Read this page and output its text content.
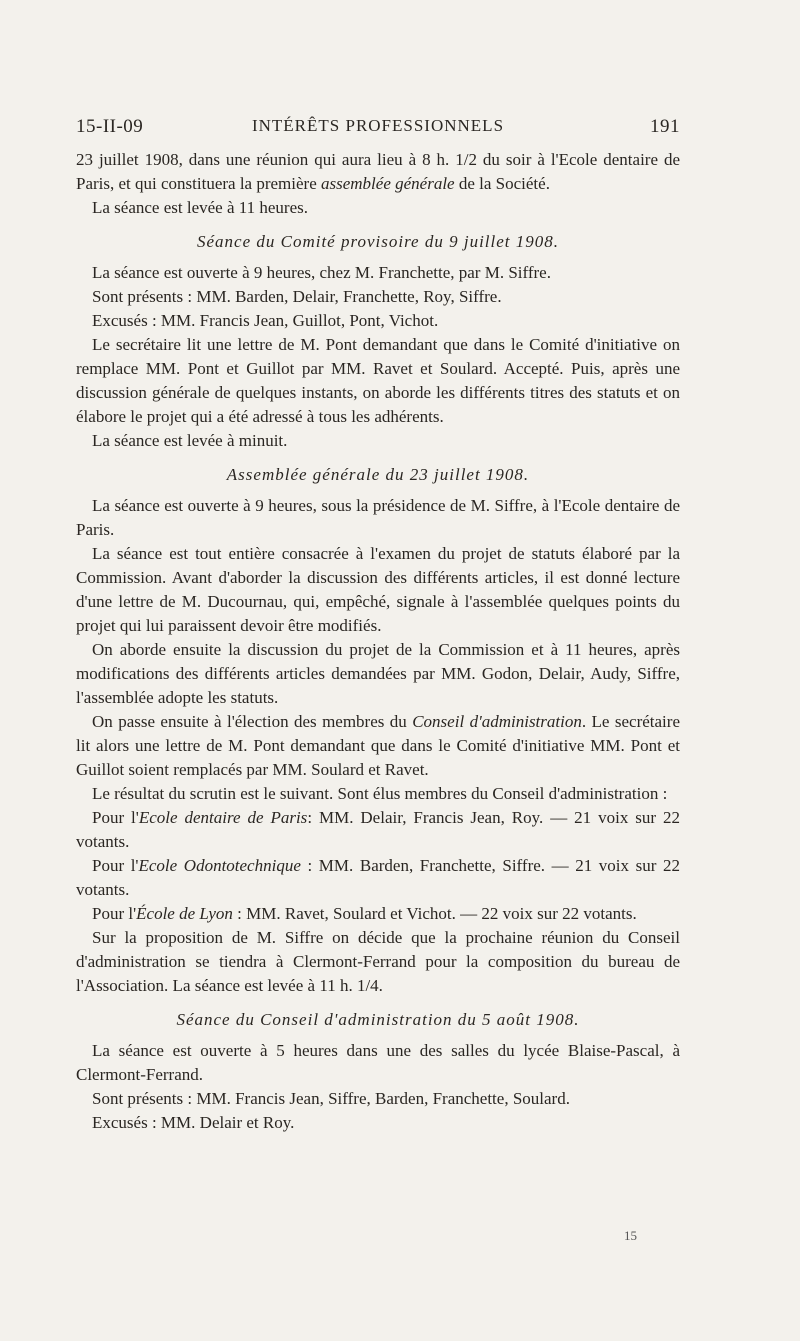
15-II-09	INTÉRÊTS PROFESSIONNELS	191

23 juillet 1908, dans une réunion qui aura lieu à 8 h. 1/2 du soir à l'Ecole dentaire de Paris, et qui constituera la première assemblée générale de la Société.

La séance est levée à 11 heures.

Séance du Comité provisoire du 9 juillet 1908.

La séance est ouverte à 9 heures, chez M. Franchette, par M. Siffre.

Sont présents : MM. Barden, Delair, Franchette, Roy, Siffre.

Excusés : MM. Francis Jean, Guillot, Pont, Vichot.

Le secrétaire lit une lettre de M. Pont demandant que dans le Comité d'initiative on remplace MM. Pont et Guillot par MM. Ravet et Soulard. Accepté. Puis, après une discussion générale de quelques instants, on aborde les différents titres des statuts et on élabore le projet qui a été adressé à tous les adhérents.

La séance est levée à minuit.

Assemblée générale du 23 juillet 1908.

La séance est ouverte à 9 heures, sous la présidence de M. Siffre, à l'Ecole dentaire de Paris.

La séance est tout entière consacrée à l'examen du projet de statuts élaboré par la Commission. Avant d'aborder la discussion des différents articles, il est donné lecture d'une lettre de M. Ducournau, qui, empêché, signale à l'assemblée quelques points du projet qui lui paraissent devoir être modifiés.

On aborde ensuite la discussion du projet de la Commission et à 11 heures, après modifications des différents articles demandées par MM. Godon, Delair, Audy, Siffre, l'assemblée adopte les statuts.

On passe ensuite à l'élection des membres du Conseil d'administration. Le secrétaire lit alors une lettre de M. Pont demandant que dans le Comité d'initiative MM. Pont et Guillot soient remplacés par MM. Soulard et Ravet.

Le résultat du scrutin est le suivant. Sont élus membres du Conseil d'administration :

Pour l'Ecole dentaire de Paris: MM. Delair, Francis Jean, Roy. — 21 voix sur 22 votants.

Pour l'Ecole Odontotechnique : MM. Barden, Franchette, Siffre. — 21 voix sur 22 votants.

Pour l'École de Lyon : MM. Ravet, Soulard et Vichot. — 22 voix sur 22 votants.

Sur la proposition de M. Siffre on décide que la prochaine réunion du Conseil d'administration se tiendra à Clermont-Ferrand pour la composition du bureau de l'Association. La séance est levée à 11 h. 1/4.

Séance du Conseil d'administration du 5 août 1908.

La séance est ouverte à 5 heures dans une des salles du lycée Blaise-Pascal, à Clermont-Ferrand.

Sont présents : MM. Francis Jean, Siffre, Barden, Franchette, Soulard.

Excusés : MM. Delair et Roy.

15
